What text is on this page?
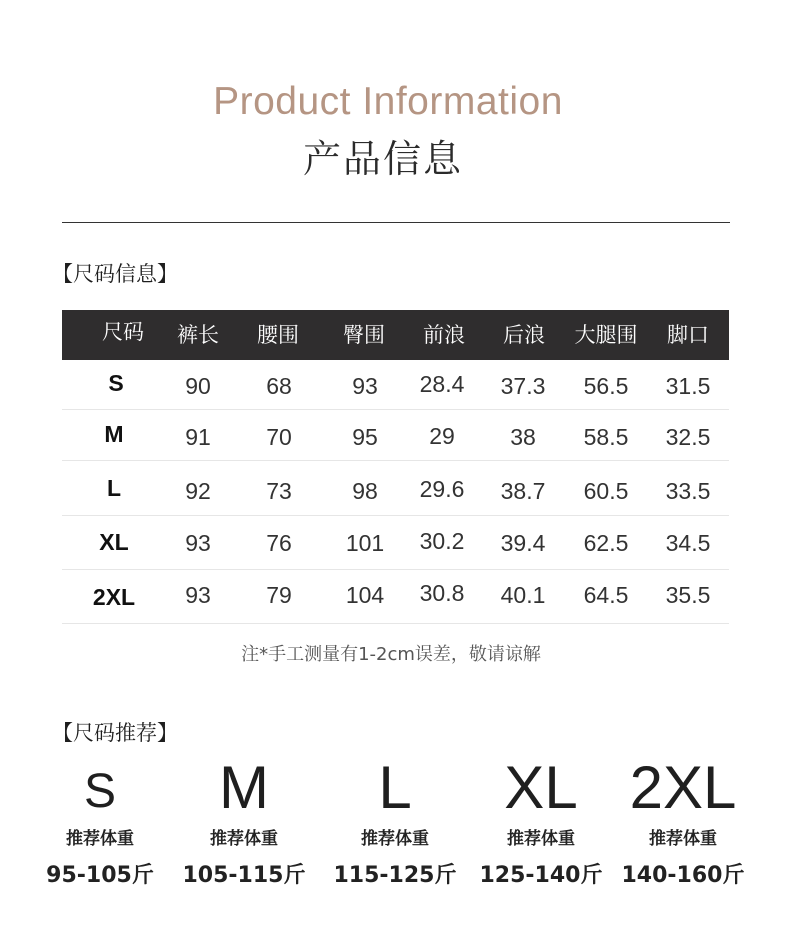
Product Information
产品信息
【尺码信息】
尺码 裤长 腰围 臀围 前浪 后浪 大腿围 脚口
S	90 68	93 28.4 37.3 56.5 31.5
M	91 70	95 29 38 58.5 32.5
L	92 73	98 29.6 38.7 60.5 33.5
XL 93 76 101 30.2 39.4 62.5 34.5
2XL 93 79 104 30.8 40.1 64.5 35.5
注*手工测量有1-2cm误差，敬请谅解
【尺码推荐】
S
推荐体重
95-105斤
M
推荐体重
105-115斤
L
推荐体重
115-125斤
XL
推荐体重
125-140斤
2XL
推荐体重
140-160斤
